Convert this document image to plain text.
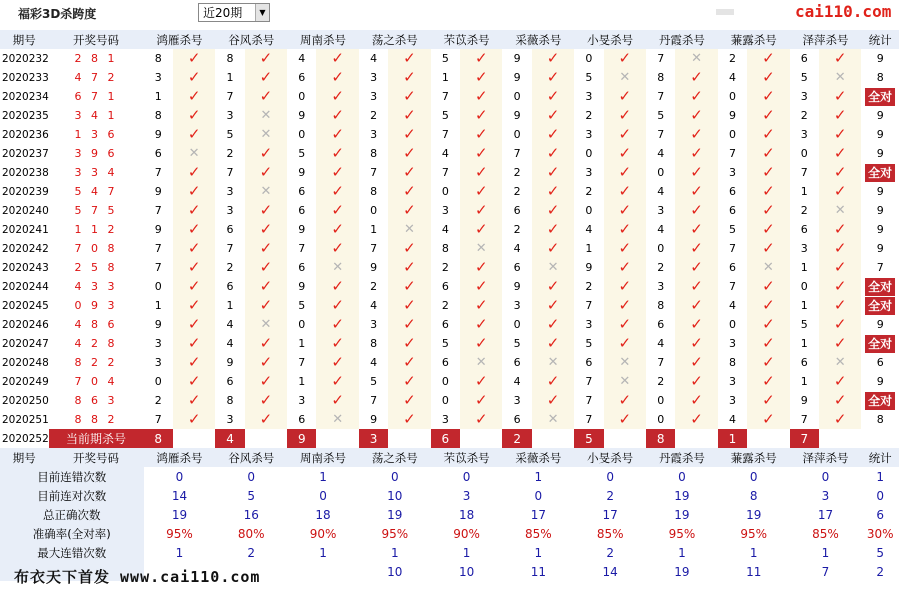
福彩3D杀跨度	近20期	▼	cai110.com
期号	开奖号码	鸿雁杀号		谷风杀号		周南杀号		荡之杀号		芣苡杀号		采薇杀号		小旻杀号		丹霞杀号		蒹露杀号		泽萍杀号		统计
2020232	2 8 1	8	✓	8	✓	4	✓	4	✓	5	✓	9	✓	0	✓	7	✕	2	✓	6	✓	9
2020233	4 7 2	3	✓	1	✓	6	✓	3	✓	1	✓	9	✓	5	✕	8	✓	4	✓	5	✕	8
2020234	6 7 1	1	✓	7	✓	0	✓	3	✓	7	✓	0	✓	3	✓	7	✓	0	✓	3	✓	全对
2020235	3 4 1	8	✓	3	✕	9	✓	2	✓	5	✓	9	✓	2	✓	5	✓	9	✓	2	✓	9
2020236	1 3 6	9	✓	5	✕	0	✓	3	✓	7	✓	0	✓	3	✓	7	✓	0	✓	3	✓	9
2020237	3 9 6	6	✕	2	✓	5	✓	8	✓	4	✓	7	✓	0	✓	4	✓	7	✓	0	✓	9
2020238	3 3 4	7	✓	7	✓	9	✓	7	✓	7	✓	2	✓	3	✓	0	✓	3	✓	7	✓	全对
2020239	5 4 7	9	✓	3	✕	6	✓	8	✓	0	✓	2	✓	2	✓	4	✓	6	✓	1	✓	9
2020240	5 7 5	7	✓	3	✓	6	✓	0	✓	3	✓	6	✓	0	✓	3	✓	6	✓	2	✕	9
2020241	1 1 2	9	✓	6	✓	9	✓	1	✕	4	✓	2	✓	4	✓	4	✓	5	✓	6	✓	9
2020242	7 0 8	7	✓	7	✓	7	✓	7	✓	8	✕	4	✓	1	✓	0	✓	7	✓	3	✓	9
2020243	2 5 8	7	✓	2	✓	6	✕	9	✓	2	✓	6	✕	9	✓	2	✓	6	✕	1	✓	7
2020244	4 3 3	0	✓	6	✓	9	✓	2	✓	6	✓	9	✓	2	✓	3	✓	7	✓	0	✓	全对
2020245	0 9 3	1	✓	1	✓	5	✓	4	✓	2	✓	3	✓	7	✓	8	✓	4	✓	1	✓	全对
2020246	4 8 6	9	✓	4	✕	0	✓	3	✓	6	✓	0	✓	3	✓	6	✓	0	✓	5	✓	9
2020247	4 2 8	3	✓	4	✓	1	✓	8	✓	5	✓	5	✓	5	✓	4	✓	3	✓	1	✓	全对
2020248	8 2 2	3	✓	9	✓	7	✓	4	✓	6	✕	6	✕	6	✕	7	✓	8	✓	6	✕	6
2020249	7 0 4	0	✓	6	✓	1	✓	5	✓	0	✓	4	✓	7	✕	2	✓	3	✓	1	✓	9
2020250	8 6 3	2	✓	8	✓	3	✓	7	✓	0	✓	3	✓	7	✓	0	✓	3	✓	9	✓	全对
2020251	8 8 2	7	✓	3	✓	6	✕	9	✓	3	✓	6	✕	7	✓	0	✓	4	✓	7	✓	8
2020252	当前期杀号	8		4		9		3		6		2		5		8		1		7		
期号	开奖号码	鸿雁杀号		谷风杀号		周南杀号		荡之杀号		芣苡杀号		采薇杀号		小旻杀号		丹霞杀号		蒹露杀号		泽萍杀号		统计
目前连错次数		0		0		1		0		0		1		0		0		0		0		1
目前连对次数		14		5		0		10		3		0		2		19		8		3		0
总正确次数		19		16		18		19		18		17		17		19		19		17		6
准确率(全对率)		95%		80%		90%		95%		90%		85%		85%		95%		95%		85%		30%
最大连错次数		1		2		1		1		1		1		2		1		1		1		5
								10		10		11		14		19		11		7		2
布衣天下首发 www.cai110.com
